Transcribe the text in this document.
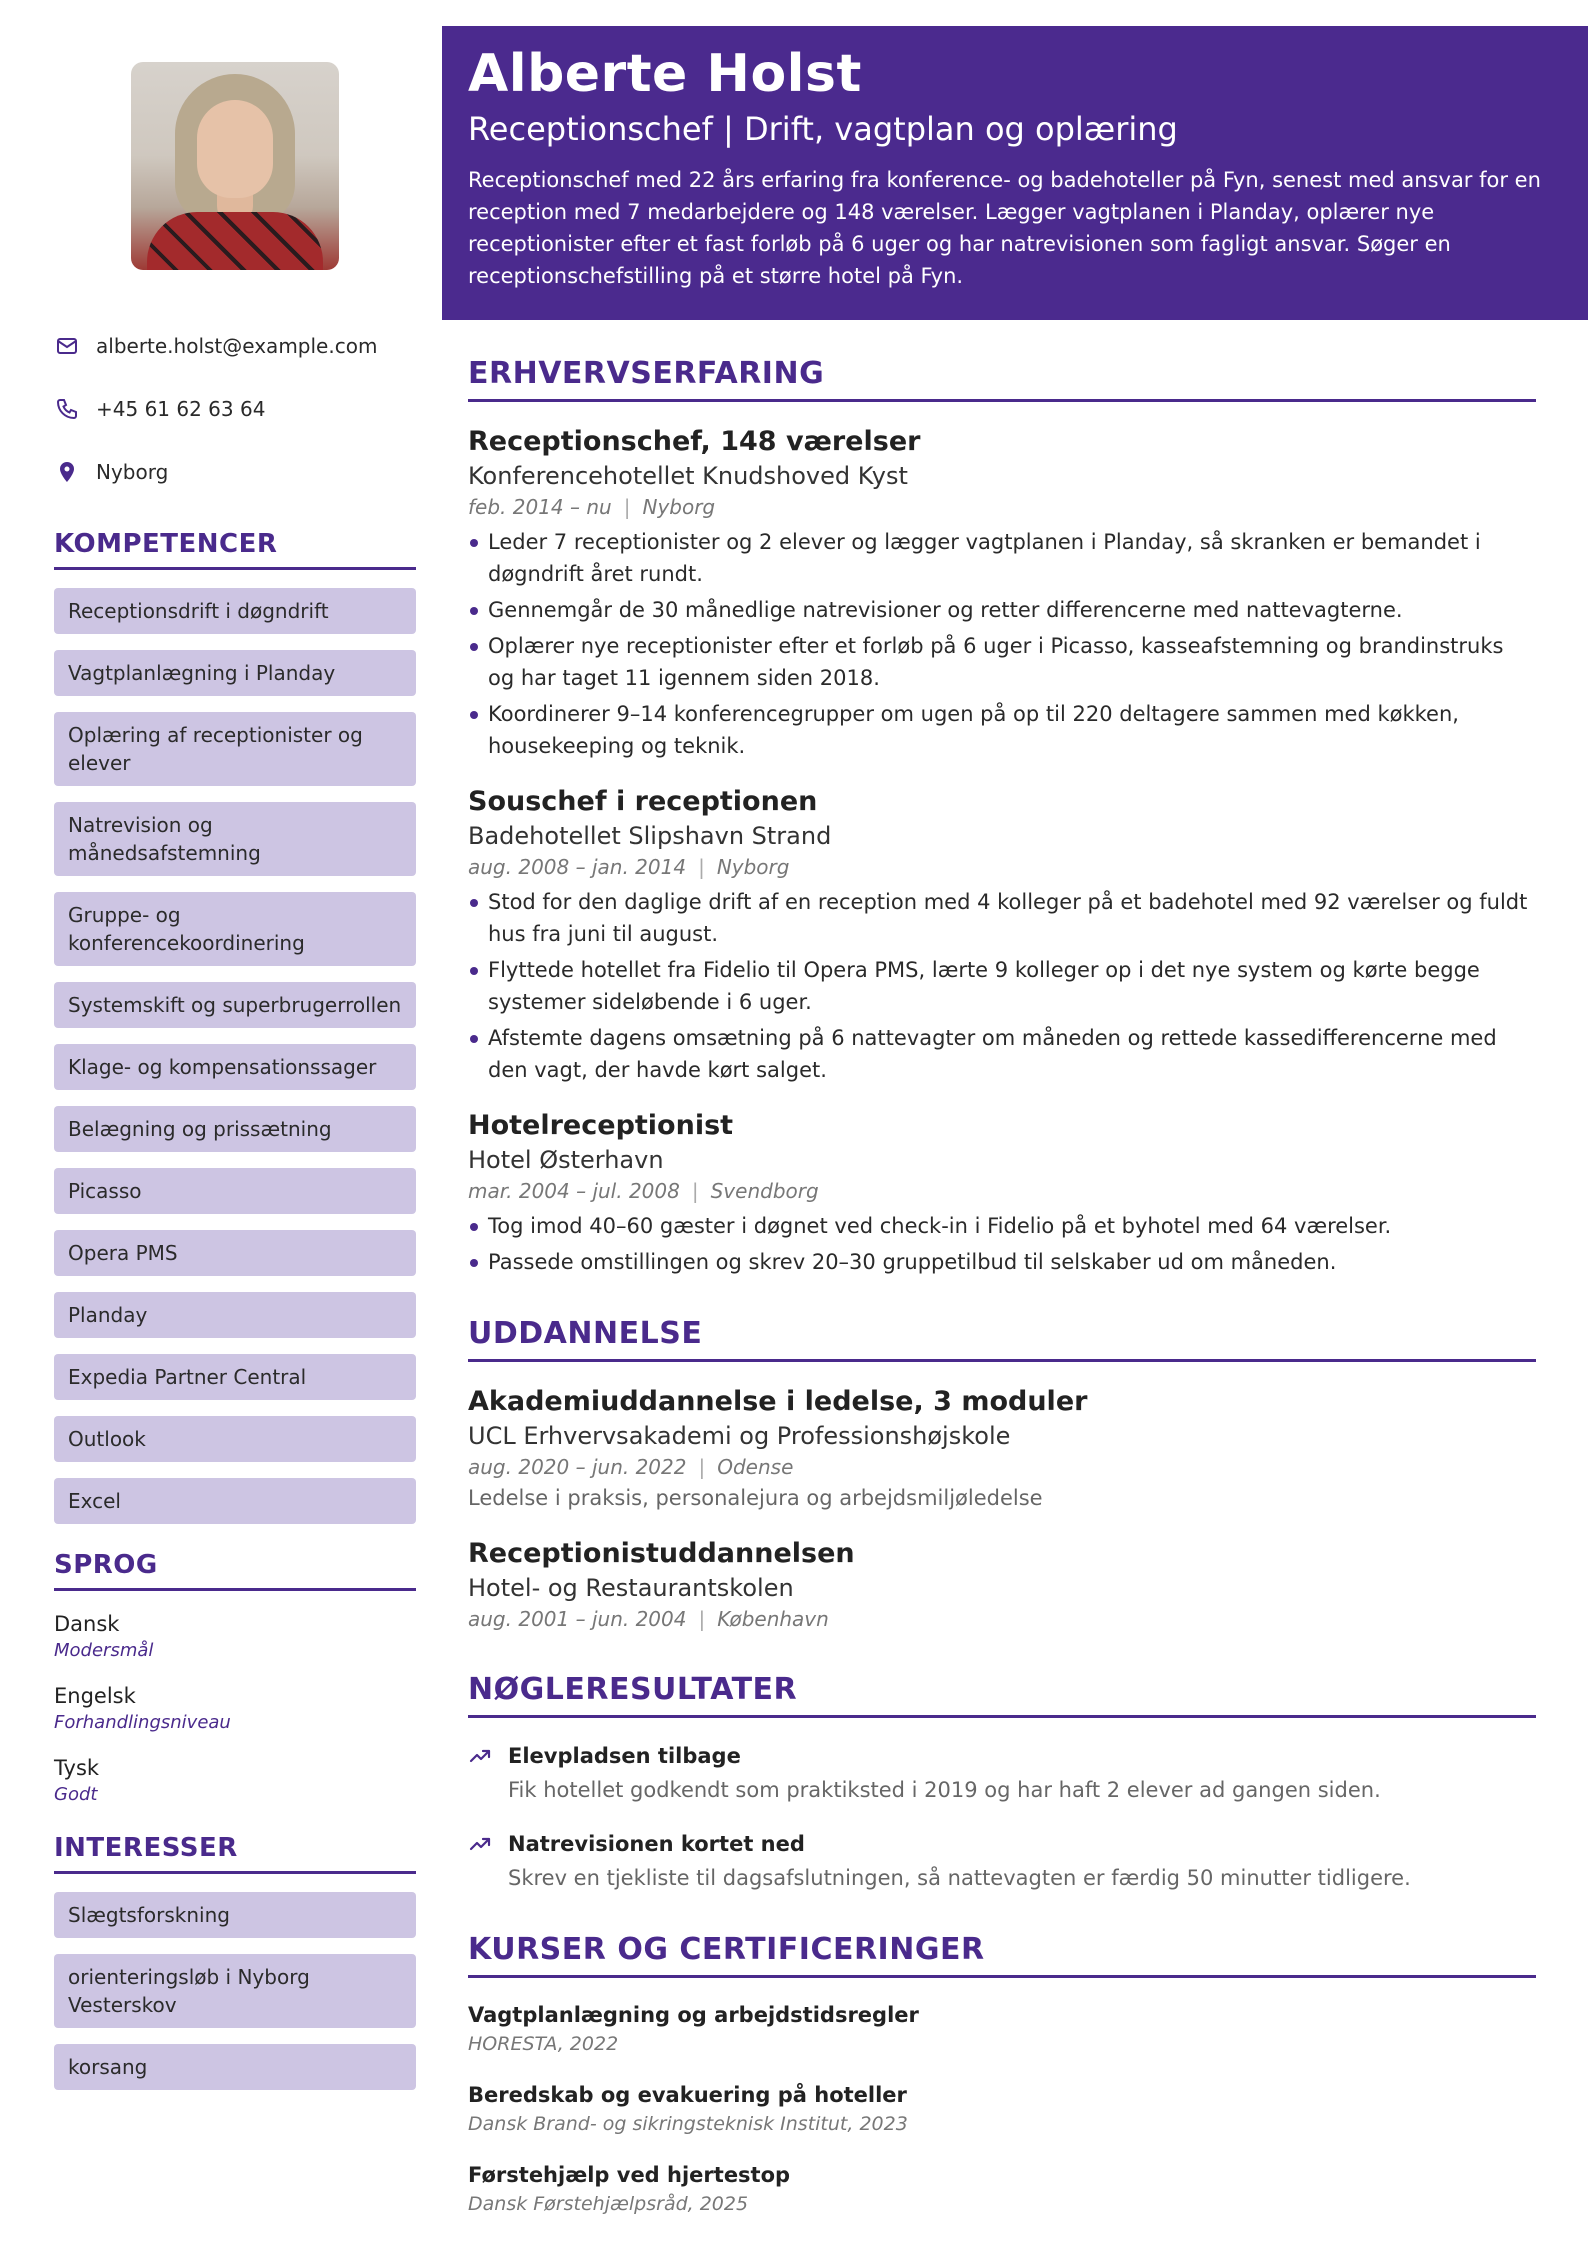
alberte.holst@example.com
+45 61 62 63 64
Nyborg
KOMPETENCER
Receptionsdrift i døgndrift
Vagtplanlægning i Planday
Oplæring af receptionister og elever
Natrevision og månedsafstemning
Gruppe- og konferencekoordinering
Systemskift og superbrugerrollen
Klage- og kompensationssager
Belægning og prissætning
Picasso
Opera PMS
Planday
Expedia Partner Central
Outlook
Excel
SPROG
Dansk
Modersmål
Engelsk
Forhandlingsniveau
Tysk
Godt
INTERESSER
Slægtsforskning
orienteringsløb i Nyborg Vesterskov
korsang
Alberte Holst
Receptionschef | Drift, vagtplan og oplæring

Receptionschef med 22 års erfaring fra konference- og badehoteller på Fyn, senest med ansvar for en reception med 7 medarbejdere og 148 værelser. Lægger vagtplanen i Planday, oplærer nye receptionister efter et fast forløb på 6 uger og har natrevisionen som fagligt ansvar. Søger en receptionschefstilling på et større hotel på Fyn.

ERHVERVSERFARING
Receptionschef, 148 værelser
Konferencehotellet Knudshoved Kyst
feb. 2014 – nu | Nyborg
Leder 7 receptionister og 2 elever og lægger vagtplanen i Planday, så skranken er bemandet i døgndrift året rundt.
Gennemgår de 30 månedlige natrevisioner og retter differencerne med nattevagterne.
Oplærer nye receptionister efter et forløb på 6 uger i Picasso, kasseafstemning og brandinstruks og har taget 11 igennem siden 2018.
Koordinerer 9–14 konferencegrupper om ugen på op til 220 deltagere sammen med køkken, housekeeping og teknik.
Souschef i receptionen
Badehotellet Slipshavn Strand
aug. 2008 – jan. 2014 | Nyborg
Stod for den daglige drift af en reception med 4 kolleger på et badehotel med 92 værelser og fuldt hus fra juni til august.
Flyttede hotellet fra Fidelio til Opera PMS, lærte 9 kolleger op i det nye system og kørte begge systemer sideløbende i 6 uger.
Afstemte dagens omsætning på 6 nattevagter om måneden og rettede kassedifferencerne med den vagt, der havde kørt salget.
Hotelreceptionist
Hotel Østerhavn
mar. 2004 – jul. 2008 | Svendborg
Tog imod 40–60 gæster i døgnet ved check-in i Fidelio på et byhotel med 64 værelser.
Passede omstillingen og skrev 20–30 gruppetilbud til selskaber ud om måneden.
UDDANNELSE
Akademiuddannelse i ledelse, 3 moduler
UCL Erhvervsakademi og Professionshøjskole
aug. 2020 – jun. 2022 | Odense
Ledelse i praksis, personalejura og arbejdsmiljøledelse
Receptionistuddannelsen
Hotel- og Restaurantskolen
aug. 2001 – jun. 2004 | København
NØGLERESULTATER
Elevpladsen tilbage
Fik hotellet godkendt som praktiksted i 2019 og har haft 2 elever ad gangen siden.
Natrevisionen kortet ned
Skrev en tjekliste til dagsafslutningen, så nattevagten er færdig 50 minutter tidligere.
KURSER OG CERTIFICERINGER
Vagtplanlægning og arbejdstidsregler
HORESTA, 2022
Beredskab og evakuering på hoteller
Dansk Brand- og sikringsteknisk Institut, 2023
Førstehjælp ved hjertestop
Dansk Førstehjælpsråd, 2025
